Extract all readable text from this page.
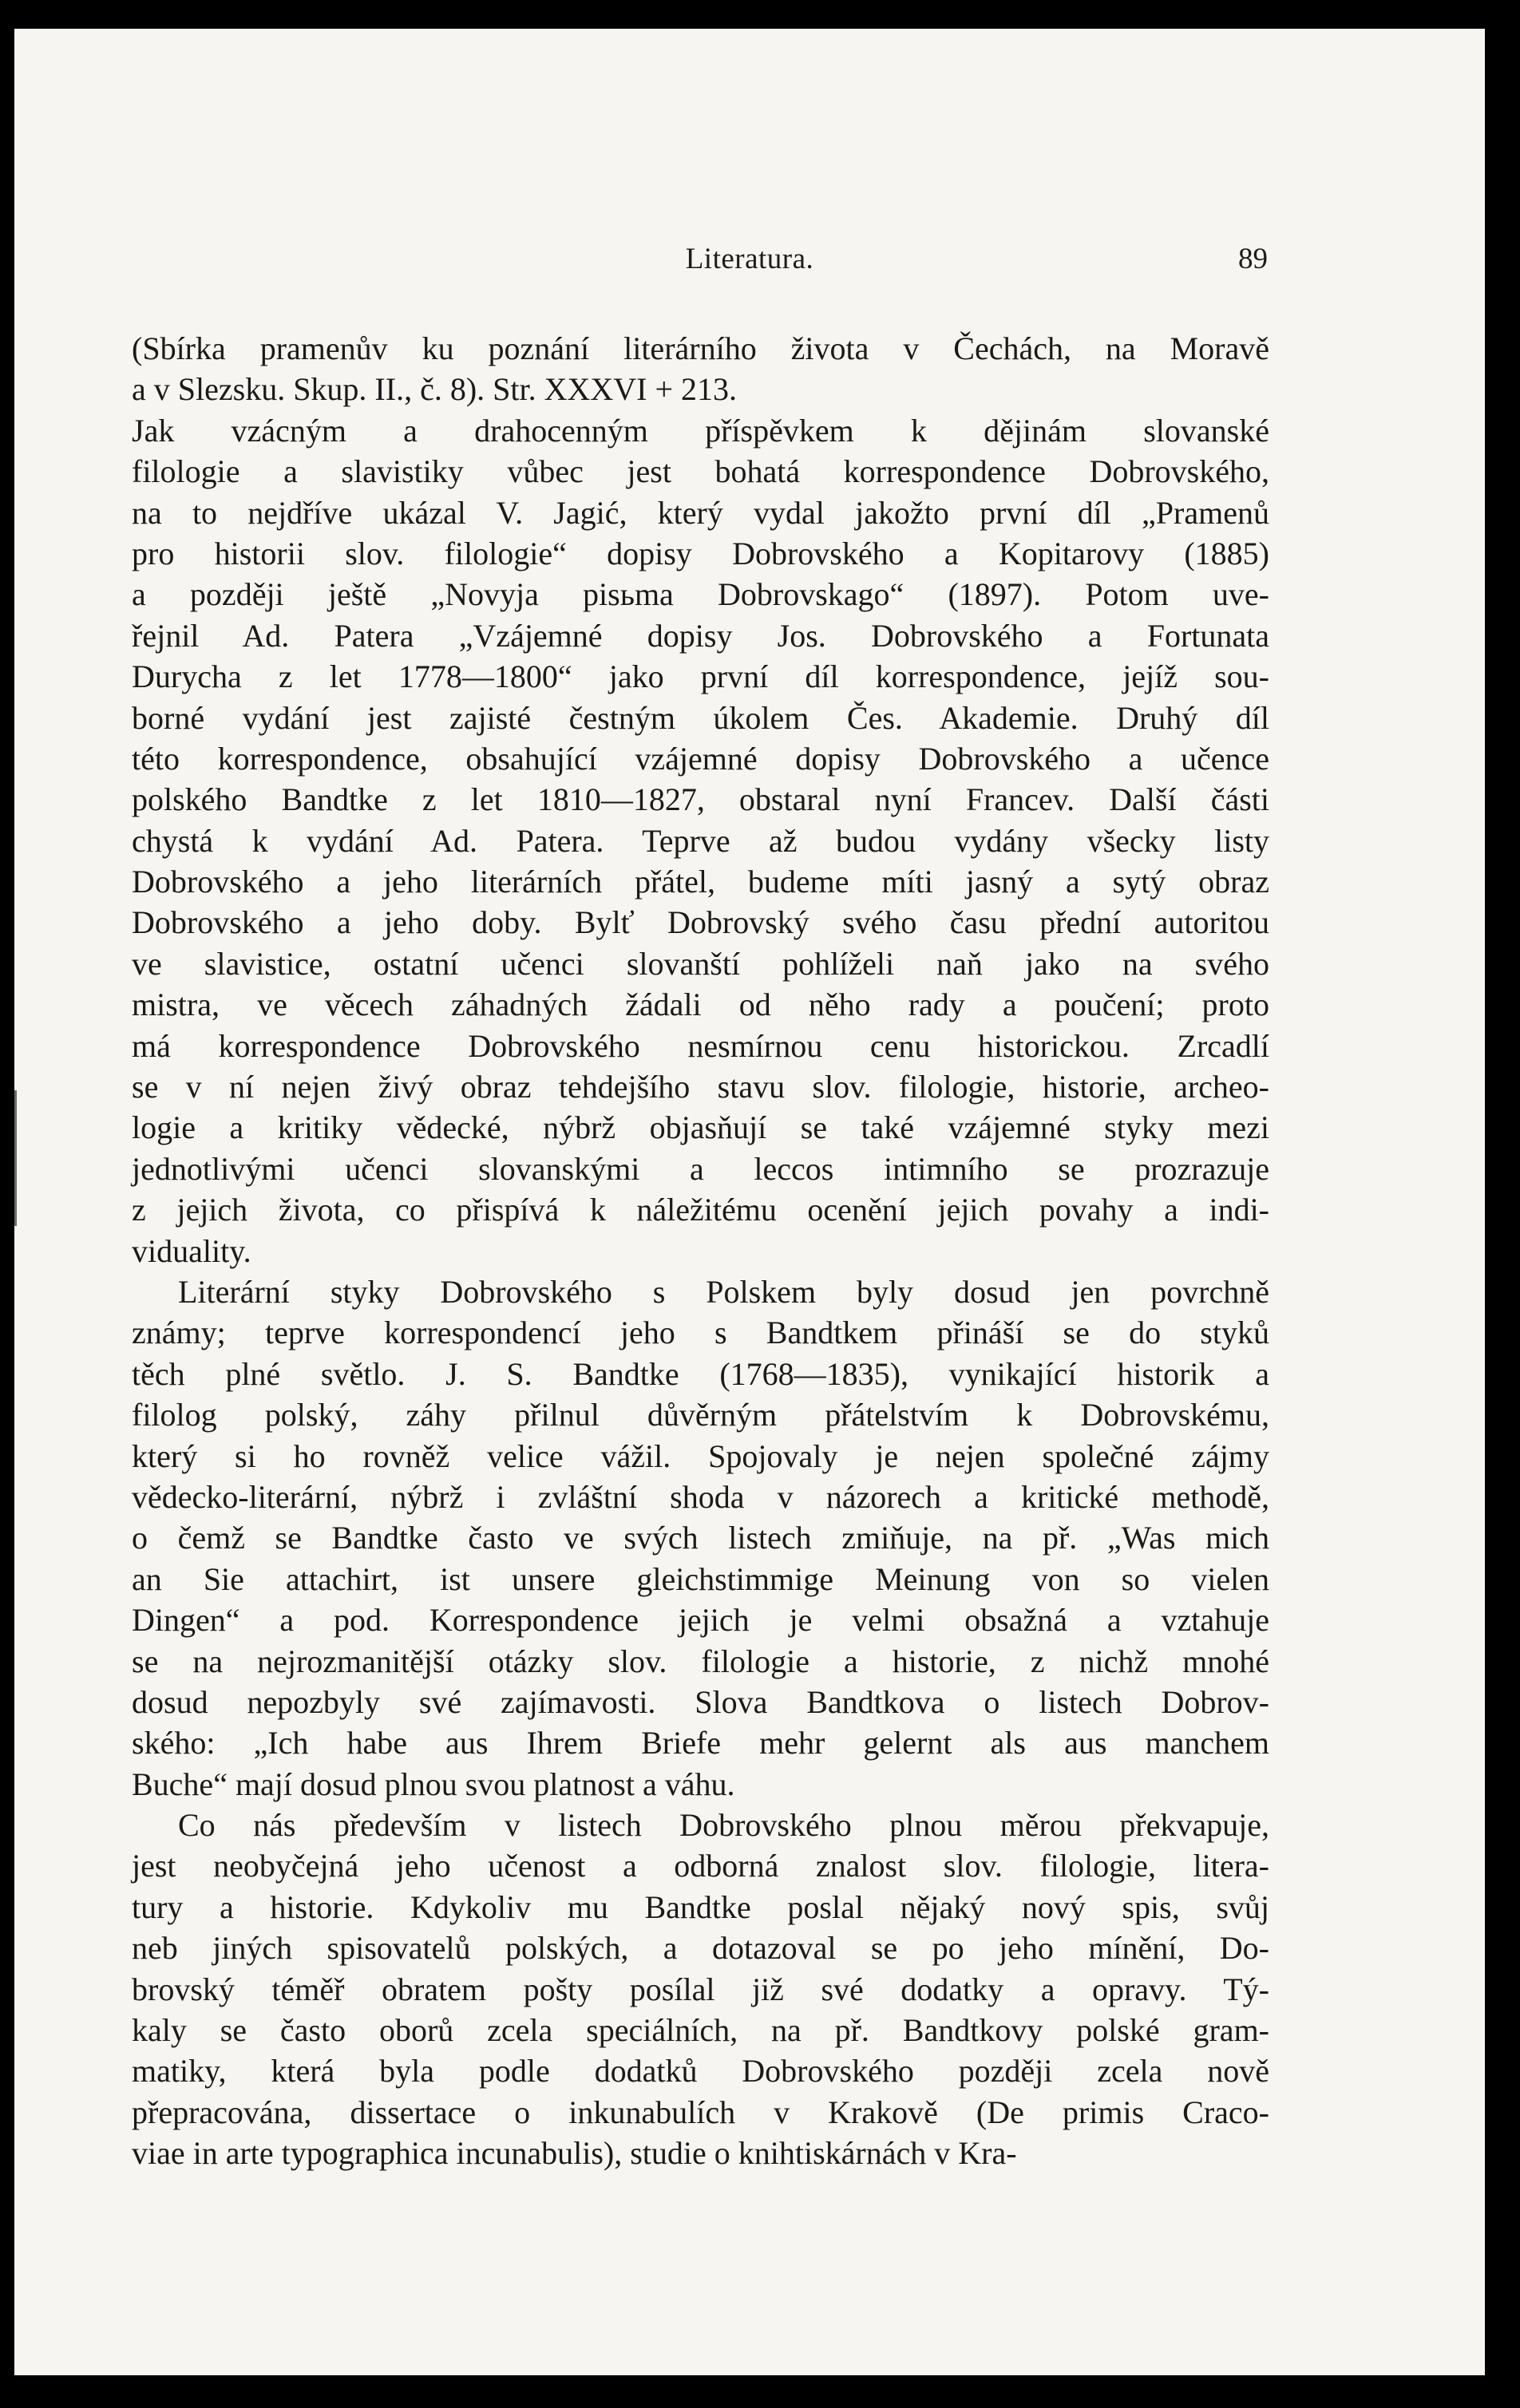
Literatura.	89
(Sbírka pramenův ku poznání literárního života v Čechách, na Moravě
a v Slezsku. Skup. II., č. 8). Str. XXXVI + 213.
Jak vzácným a drahocenným příspěvkem k dějinám slovanské
filologie a slavistiky vůbec jest bohatá korrespondence Dobrovského,
na to nejdříve ukázal V. Jagić, který vydal jakožto první díl „Pramenů
pro historii slov. filologie“ dopisy Dobrovského a Kopitarovy (1885)
a později ještě „Novyja pisьma Dobrovskago“ (1897). Potom uve-
řejnil Ad. Patera „Vzájemné dopisy Jos. Dobrovského a Fortunata
Durycha z let 1778—1800“ jako první díl korrespondence, jejíž sou-
borné vydání jest zajisté čestným úkolem Čes. Akademie. Druhý díl
této korrespondence, obsahující vzájemné dopisy Dobrovského a učence
polského Bandtke z let 1810—1827, obstaral nyní Francev. Další části
chystá k vydání Ad. Patera. Teprve až budou vydány všecky listy
Dobrovského a jeho literárních přátel, budeme míti jasný a sytý obraz
Dobrovského a jeho doby. Bylť Dobrovský svého času přední autoritou
ve slavistice, ostatní učenci slovanští pohlíželi naň jako na svého
mistra, ve věcech záhadných žádali od něho rady a poučení; proto
má korrespondence Dobrovského nesmírnou cenu historickou. Zrcadlí
se v ní nejen živý obraz tehdejšího stavu slov. filologie, historie, archeo-
logie a kritiky vědecké, nýbrž objasňují se také vzájemné styky mezi
jednotlivými učenci slovanskými a leccos intimního se prozrazuje
z jejich života, co přispívá k náležitému ocenění jejich povahy a indi-
viduality.
Literární styky Dobrovského s Polskem byly dosud jen povrchně
známy; teprve korrespondencí jeho s Bandtkem přináší se do styků
těch plné světlo. J. S. Bandtke (1768—1835), vynikající historik a
filolog polský, záhy přilnul důvěrným přátelstvím k Dobrovskému,
který si ho rovněž velice vážil. Spojovaly je nejen společné zájmy
vědecko-literární, nýbrž i zvláštní shoda v názorech a kritické methodě,
o čemž se Bandtke často ve svých listech zmiňuje, na př. „Was mich
an Sie attachirt, ist unsere gleichstimmige Meinung von so vielen
Dingen“ a pod. Korrespondence jejich je velmi obsažná a vztahuje
se na nejrozmanitější otázky slov. filologie a historie, z nichž mnohé
dosud nepozbyly své zajímavosti. Slova Bandtkova o listech Dobrov-
ského: „Ich habe aus Ihrem Briefe mehr gelernt als aus manchem
Buche“ mají dosud plnou svou platnost a váhu.
Co nás především v listech Dobrovského plnou měrou překvapuje,
jest neobyčejná jeho učenost a odborná znalost slov. filologie, litera-
tury a historie. Kdykoliv mu Bandtke poslal nějaký nový spis, svůj
neb jiných spisovatelů polských, a dotazoval se po jeho mínění, Do-
brovský téměř obratem pošty posílal již své dodatky a opravy. Tý-
kaly se často oborů zcela speciálních, na př. Bandtkovy polské gram-
matiky, která byla podle dodatků Dobrovského později zcela nově
přepracována, dissertace o inkunabulích v Krakově (De primis Craco-
viae in arte typographica incunabulis), studie o knihtiskárnách v Kra-
